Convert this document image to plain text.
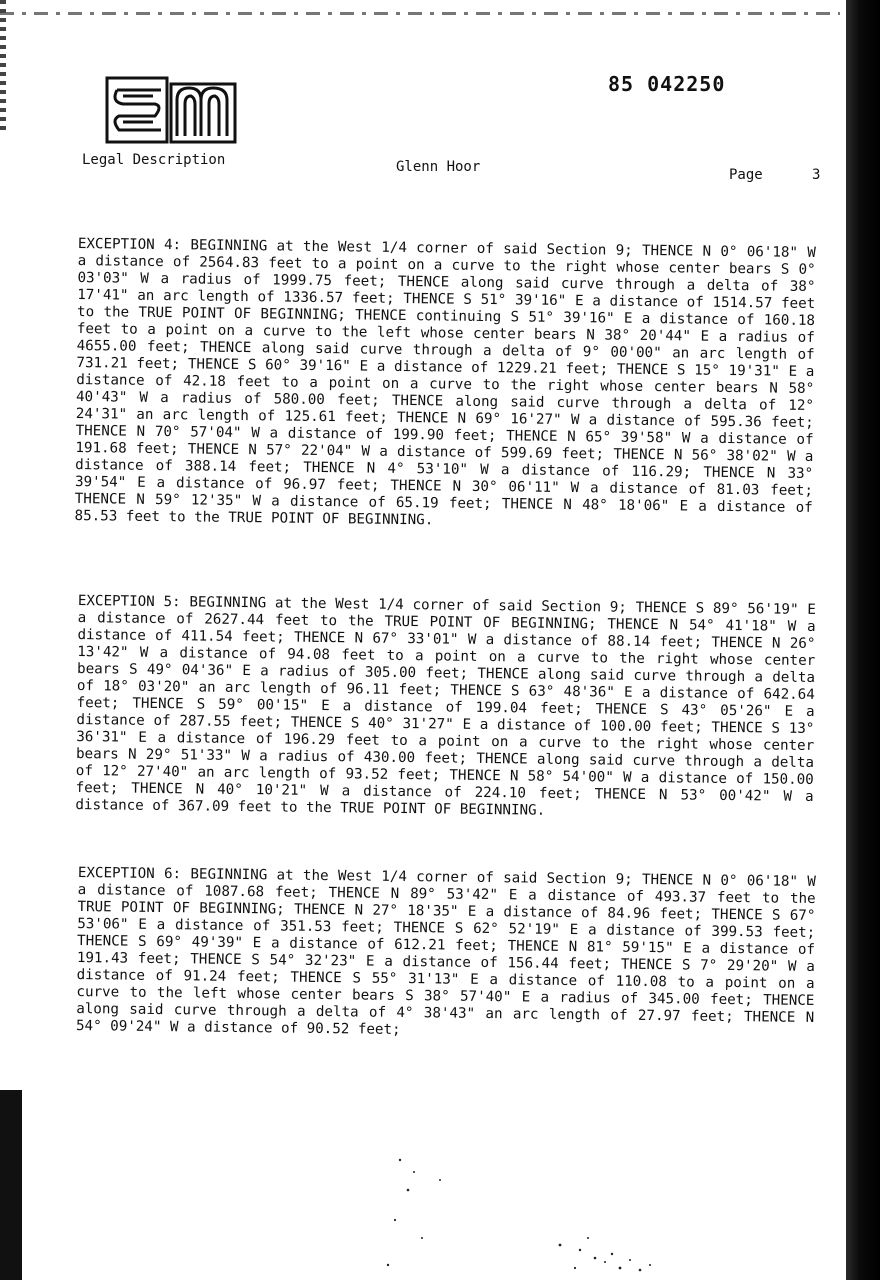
85 042250
Legal Description	Glenn Hoor	Page	3
EXCEPTION 4: BEGINNING at the West 1/4 corner of said Section 9; THENCE N 0° 06'18" W a distance of 2564.83 feet to a point on a curve to the right whose center bears S 0° 03'03" W a radius of 1999.75 feet; THENCE along said curve through a delta of 38° 17'41" an arc length of 1336.57 feet; THENCE S 51° 39'16" E a distance of 1514.57 feet to the TRUE POINT OF BEGINNING; THENCE continuing S 51° 39'16" E a distance of 160.18 feet to a point on a curve to the left whose center bears N 38° 20'44" E a radius of 4655.00 feet; THENCE along said curve through a delta of 9° 00'00" an arc length of 731.21 feet; THENCE S 60° 39'16" E a distance of 1229.21 feet; THENCE S 15° 19'31" E a distance of 42.18 feet to a point on a curve to the right whose center bears N 58° 40'43" W a radius of 580.00 feet; THENCE along said curve through a delta of 12° 24'31" an arc length of 125.61 feet; THENCE N 69° 16'27" W a distance of 595.36 feet; THENCE N 70° 57'04" W a distance of 199.90 feet; THENCE N 65° 39'58" W a distance of 191.68 feet; THENCE N 57° 22'04" W a distance of 599.69 feet; THENCE N 56° 38'02" W a distance of 388.14 feet; THENCE N 4° 53'10" W a distance of 116.29; THENCE N 33° 39'54" E a distance of 96.97 feet; THENCE N 30° 06'11" W a distance of 81.03 feet; THENCE N 59° 12'35" W a distance of 65.19 feet; THENCE N 48° 18'06" E a distance of 85.53 feet to the TRUE POINT OF BEGINNING.
EXCEPTION 5: BEGINNING at the West 1/4 corner of said Section 9; THENCE S 89° 56'19" E a distance of 2627.44 feet to the TRUE POINT OF BEGINNING; THENCE N 54° 41'18" W a distance of 411.54 feet; THENCE N 67° 33'01" W a distance of 88.14 feet; THENCE N 26° 13'42" W a distance of 94.08 feet to a point on a curve to the right whose center bears S 49° 04'36" E a radius of 305.00 feet; THENCE along said curve through a delta of 18° 03'20" an arc length of 96.11 feet; THENCE S 63° 48'36" E a distance of 642.64 feet; THENCE S 59° 00'15" E a distance of 199.04 feet; THENCE S 43° 05'26" E a distance of 287.55 feet; THENCE S 40° 31'27" E a distance of 100.00 feet; THENCE S 13° 36'31" E a distance of 196.29 feet to a point on a curve to the right whose center bears N 29° 51'33" W a radius of 430.00 feet; THENCE along said curve through a delta of 12° 27'40" an arc length of 93.52 feet; THENCE N 58° 54'00" W a distance of 150.00 feet; THENCE N 40° 10'21" W a distance of 224.10 feet; THENCE N 53° 00'42" W a distance of 367.09 feet to the TRUE POINT OF BEGINNING.
EXCEPTION 6: BEGINNING at the West 1/4 corner of said Section 9; THENCE N 0° 06'18" W a distance of 1087.68 feet; THENCE N 89° 53'42" E a distance of 493.37 feet to the TRUE POINT OF BEGINNING; THENCE N 27° 18'35" E a distance of 84.96 feet; THENCE S 67° 53'06" E a distance of 351.53 feet; THENCE S 62° 52'19" E a distance of 399.53 feet; THENCE S 69° 49'39" E a distance of 612.21 feet; THENCE N 81° 59'15" E a distance of 191.43 feet; THENCE S 54° 32'23" E a distance of 156.44 feet; THENCE S 7° 29'20" W a distance of 91.24 feet; THENCE S 55° 31'13" E a distance of 110.08 to a point on a curve to the left whose center bears S 38° 57'40" E a radius of 345.00 feet; THENCE along said curve through a delta of 4° 38'43" an arc length of 27.97 feet; THENCE N 54° 09'24" W a distance of 90.52 feet;
